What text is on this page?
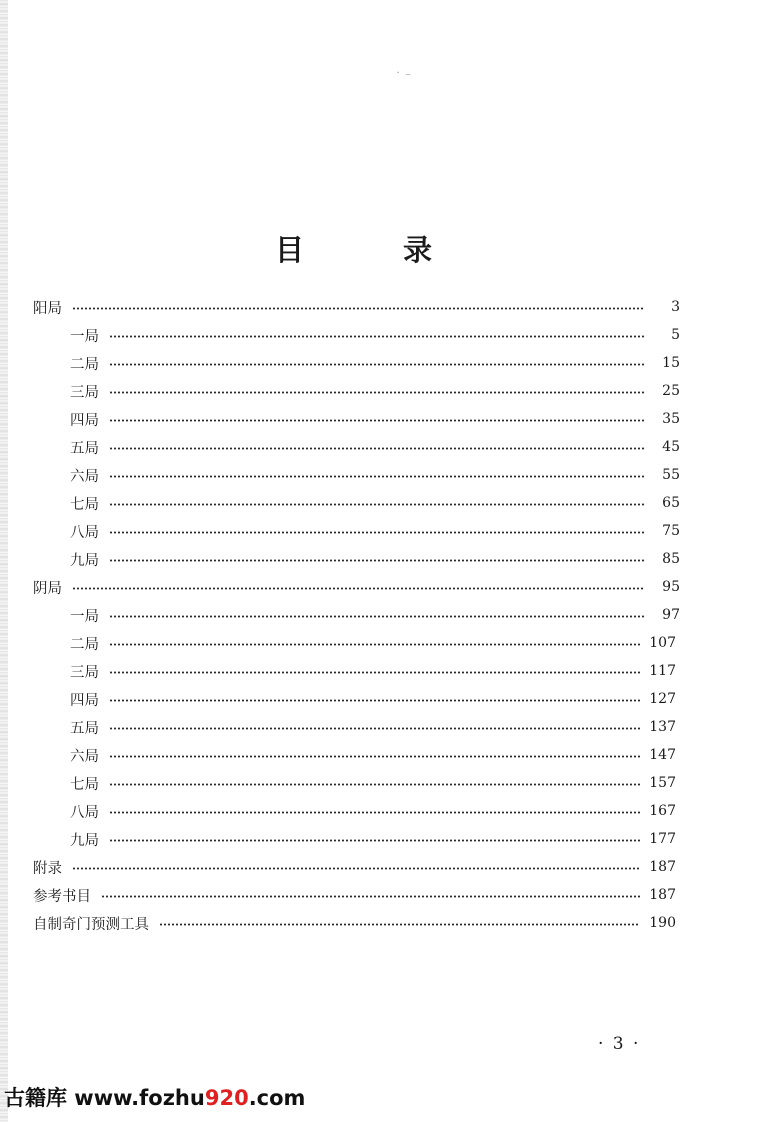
˙ ⁻
目	录
阳局	3
一局	5
二局	15
三局	25
四局	35
五局	45
六局	55
七局	65
八局	75
九局	85
阴局	95
一局	97
二局	107
三局	117
四局	127
五局	137
六局	147
七局	157
八局	167
九局	177
附录	187
参考书目	187
自制奇门预测工具	190
· 3 ·
古籍库 www.fozhu920.com
